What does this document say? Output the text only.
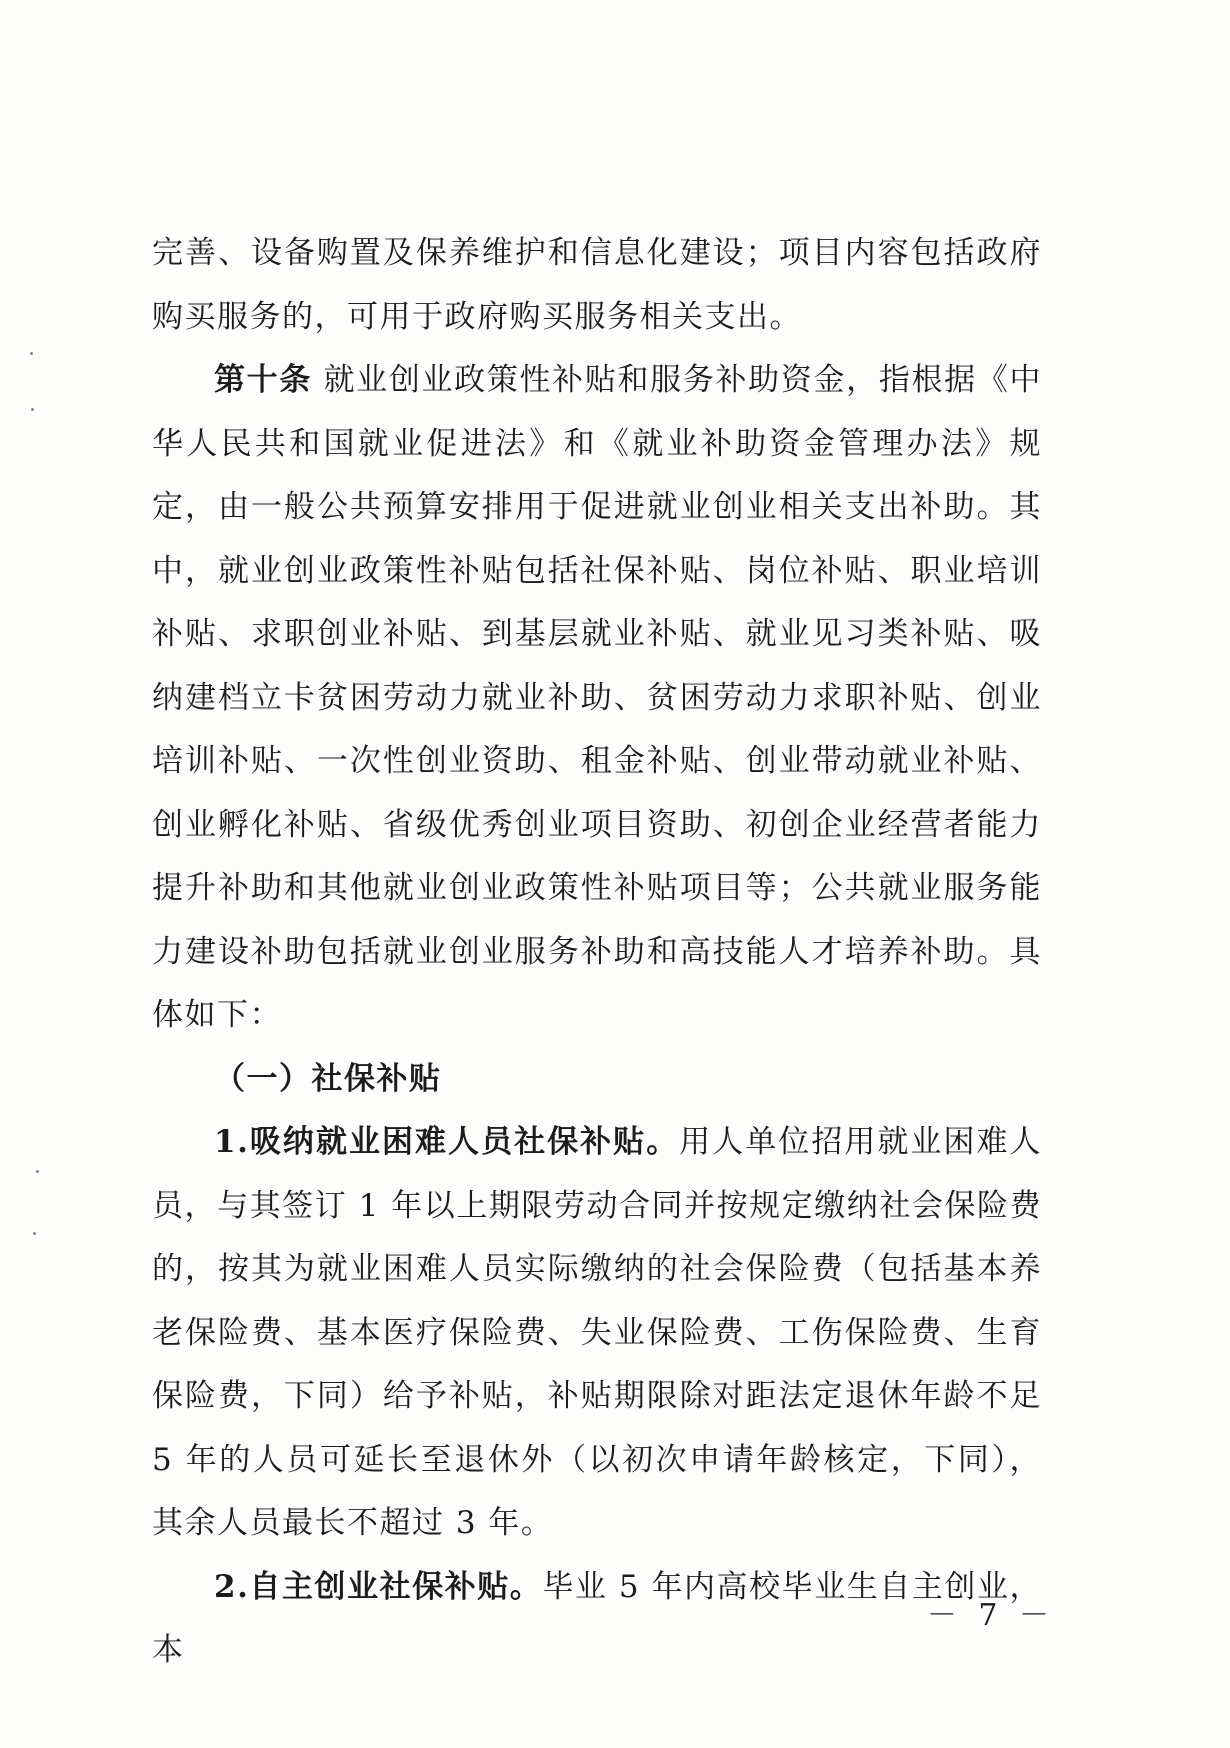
完善、设备购置及保养维护和信息化建设；项目内容包括政府购买服务的，可用于政府购买服务相关支出。

第十条 就业创业政策性补贴和服务补助资金，指根据《中华人民共和国就业促进法》和《就业补助资金管理办法》规定，由一般公共预算安排用于促进就业创业相关支出补助。其中，就业创业政策性补贴包括社保补贴、岗位补贴、职业培训补贴、求职创业补贴、到基层就业补贴、就业见习类补贴、吸纳建档立卡贫困劳动力就业补助、贫困劳动力求职补贴、创业培训补贴、一次性创业资助、租金补贴、创业带动就业补贴、创业孵化补贴、省级优秀创业项目资助、初创企业经营者能力提升补助和其他就业创业政策性补贴项目等；公共就业服务能力建设补助包括就业创业服务补助和高技能人才培养补助。具体如下：

（一）社保补贴

1.吸纳就业困难人员社保补贴。用人单位招用就业困难人员，与其签订 1 年以上期限劳动合同并按规定缴纳社会保险费的，按其为就业困难人员实际缴纳的社会保险费（包括基本养老保险费、基本医疗保险费、失业保险费、工伤保险费、生育保险费，下同）给予补贴，补贴期限除对距法定退休年龄不足 5 年的人员可延长至退休外（以初次申请年龄核定，下同），其余人员最长不超过 3 年。

2.自主创业社保补贴。毕业 5 年内高校毕业生自主创业，本

－ 7 －
